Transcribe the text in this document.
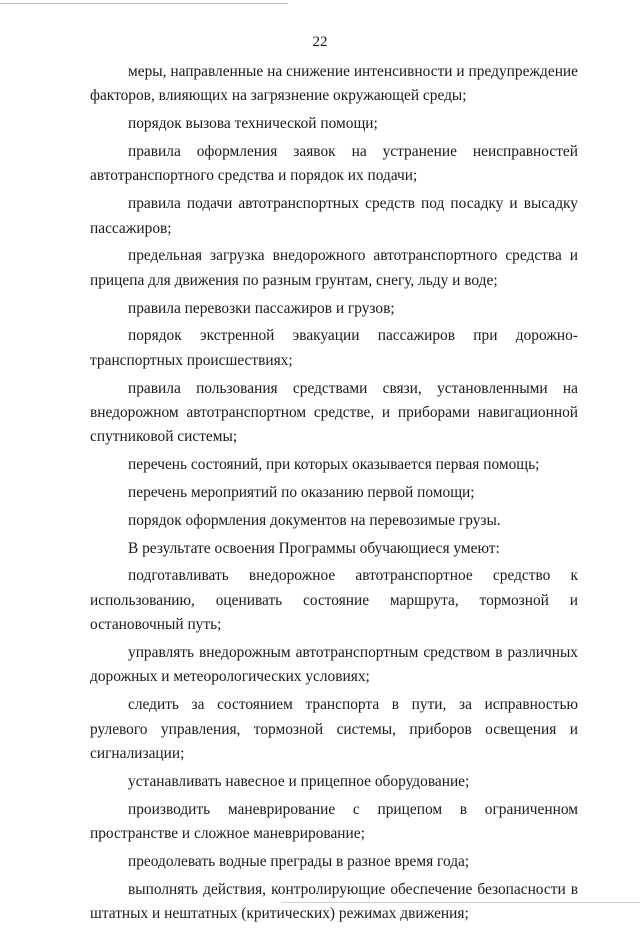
22

меры, направленные на снижение интенсивности и предупреждение факторов, влияющих на загрязнение окружающей среды;

порядок вызова технической помощи;

правила оформления заявок на устранение неисправностей автотранспортного средства и порядок их подачи;

правила подачи автотранспортных средств под посадку и высадку пассажиров;

предельная загрузка внедорожного автотранспортного средства и прицепа для движения по разным грунтам, снегу, льду и воде;

правила перевозки пассажиров и грузов;

порядок экстренной эвакуации пассажиров при дорожно-транспортных происшествиях;

правила пользования средствами связи, установленными на внедорожном автотранспортном средстве, и приборами навигационной спутниковой системы;

перечень состояний, при которых оказывается первая помощь;

перечень мероприятий по оказанию первой помощи;

порядок оформления документов на перевозимые грузы.

В результате освоения Программы обучающиеся умеют:

подготавливать внедорожное автотранспортное средство к использованию, оценивать состояние маршрута, тормозной и остановочный путь;

управлять внедорожным автотранспортным средством в различных дорожных и метеорологических условиях;

следить за состоянием транспорта в пути, за исправностью рулевого управления, тормозной системы, приборов освещения и сигнализации;

устанавливать навесное и прицепное оборудование;

производить маневрирование с прицепом в ограниченном пространстве и сложное маневрирование;

преодолевать водные преграды в разное время года;

выполнять действия, контролирующие обеспечение безопасности в штатных и нештатных (критических) режимах движения;
